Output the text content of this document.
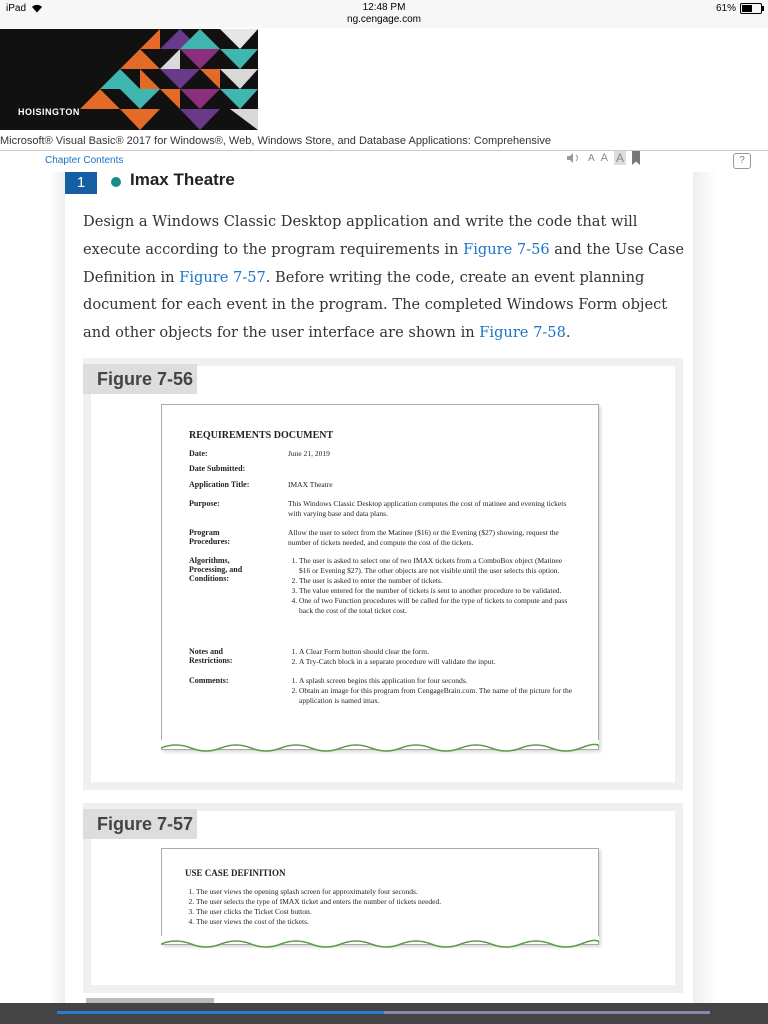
iPad	12:48 PM
ng.cengage.com
61%
HOISINGTON
Microsoft® Visual Basic® 2017 for Windows®, Web, Windows Store, and Database Applications: Comprehensive
Chapter Contents	A A A	?
1	Imax Theatre
Design a Windows Classic Desktop application and write the code that will execute according to the program requirements in Figure 7-56 and the Use Case Definition in Figure 7-57. Before writing the code, create an event planning document for each event in the program. The completed Windows Form object and other objects for the user interface are shown in Figure 7-58.
Figure 7-56
REQUIREMENTS DOCUMENT
Date:	June 21, 2019
Date Submitted:
Application Title:	IMAX Theatre
Purpose:	This Windows Classic Desktop application computes the cost of matinee and evening tickets with varying base and data plans.
Program Procedures:
Allow the user to select from the Matinee ($16) or the Evening ($27) showing, request the number of tickets needed, and compute the cost of the tickets.
Algorithms, Processing, and Conditions:
1. The user is asked to select one of two IMAX tickets from a ComboBox object (Matinee $16 or Evening $27). The other objects are not visible until the user selects this option.
2. The user is asked to enter the number of tickets.
3. The value entered for the number of tickets is sent to another procedure to be validated.
4. One of two Function procedures will be called for the type of tickets to compute and pass back the cost of the total ticket cost.
Notes and Restrictions:
1. A Clear Form button should clear the form.
2. A Try-Catch block in a separate procedure will validate the input.
Comments:
1.	A splash screen begins this application for four seconds.
2. Obtain an image for this program from CengageBrain.com. The name of the picture for the application is named imax.
Figure 7-57
USE CASE DEFINITION
1. The user views the opening splash screen for approximately four seconds.
2. The user selects the type of IMAX ticket and enters the number of tickets needed.
3. The user clicks the Ticket Cost button.
4. The user views the cost of the tickets.
